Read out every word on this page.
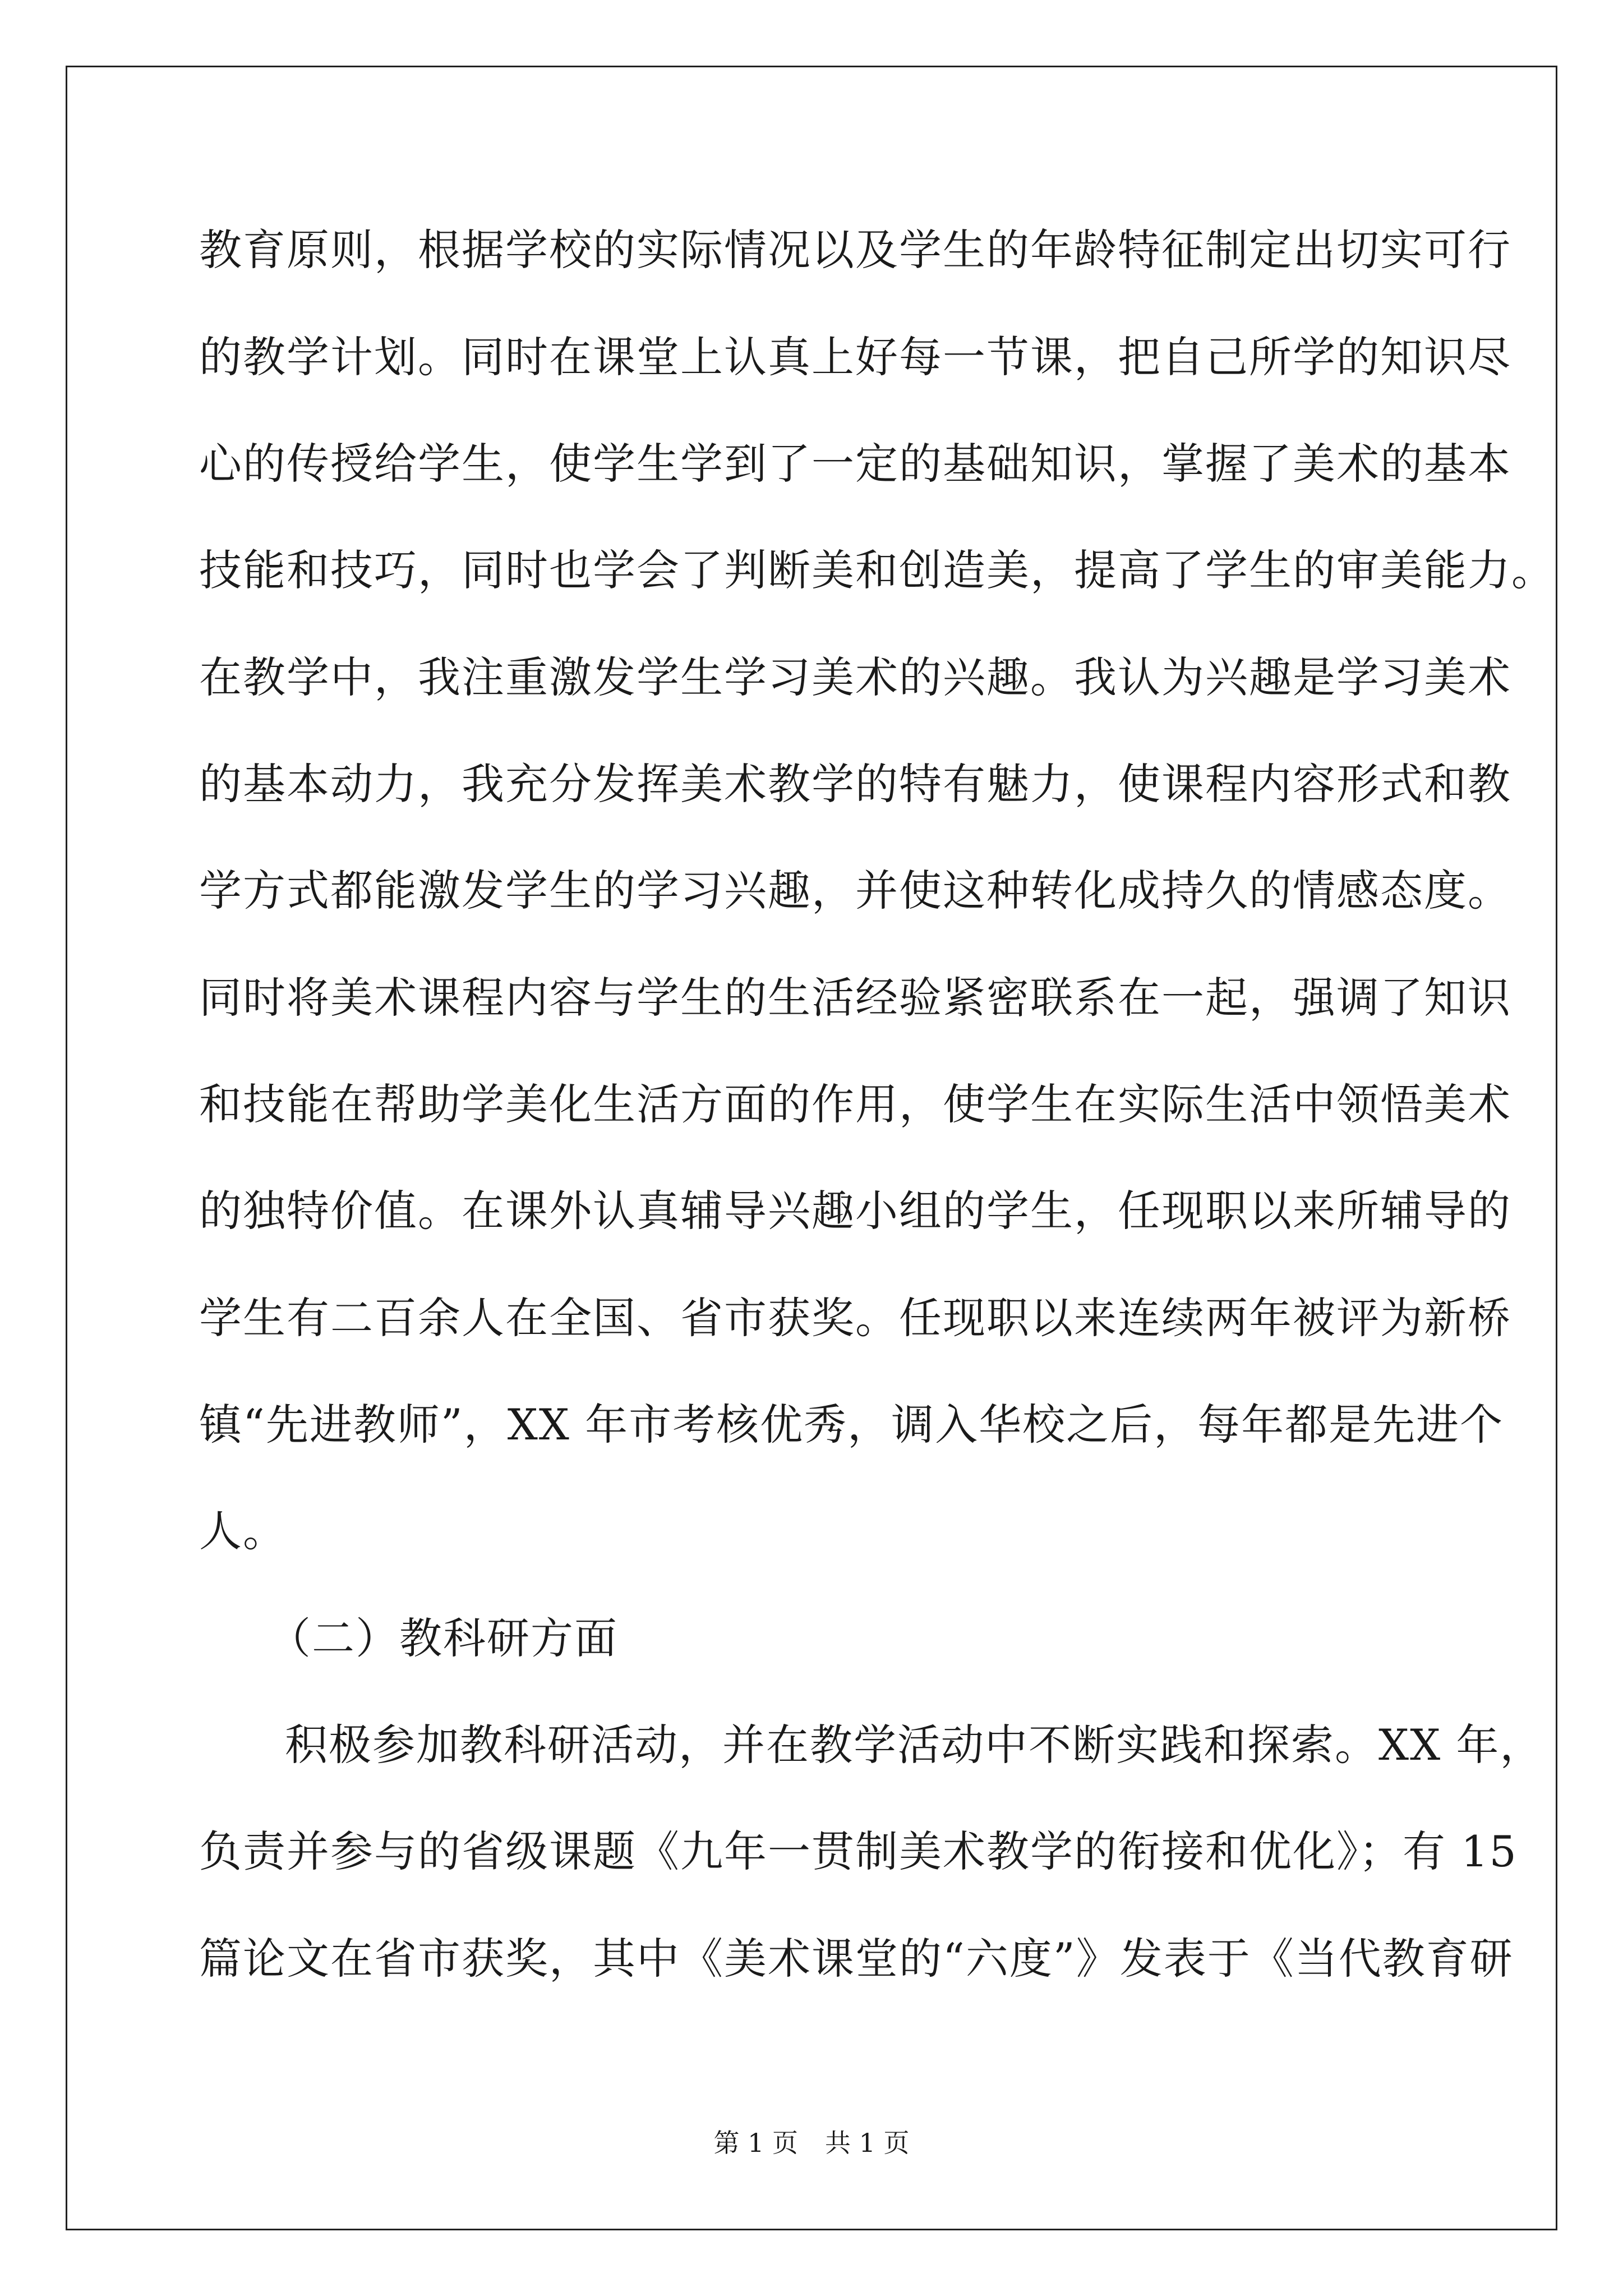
教育原则，根据学校的实际情况以及学生的年龄特征制定出切实可行
的教学计划。同时在课堂上认真上好每一节课，把自己所学的知识尽
心的传授给学生，使学生学到了一定的基础知识，掌握了美术的基本
技能和技巧，同时也学会了判断美和创造美，提高了学生的审美能力。
在教学中，我注重激发学生学习美术的兴趣。我认为兴趣是学习美术
的基本动力，我充分发挥美术教学的特有魅力，使课程内容形式和教
学方式都能激发学生的学习兴趣，并使这种转化成持久的情感态度。
同时将美术课程内容与学生的生活经验紧密联系在一起，强调了知识
和技能在帮助学美化生活方面的作用，使学生在实际生活中领悟美术
的独特价值。在课外认真辅导兴趣小组的学生，任现职以来所辅导的
学生有二百余人在全国、省市获奖。任现职以来连续两年被评为新桥
镇“先进教师”，XX 年市考核优秀，调入华校之后，每年都是先进个
人。
（二）教科研方面
积极参加教科研活动，并在教学活动中不断实践和探索。XX 年，
负责并参与的省级课题《九年一贯制美术教学的衔接和优化》；有 15
篇论文在省市获奖，其中《美术课堂的“六度”》发表于《当代教育研
第 1 页 共 1 页
